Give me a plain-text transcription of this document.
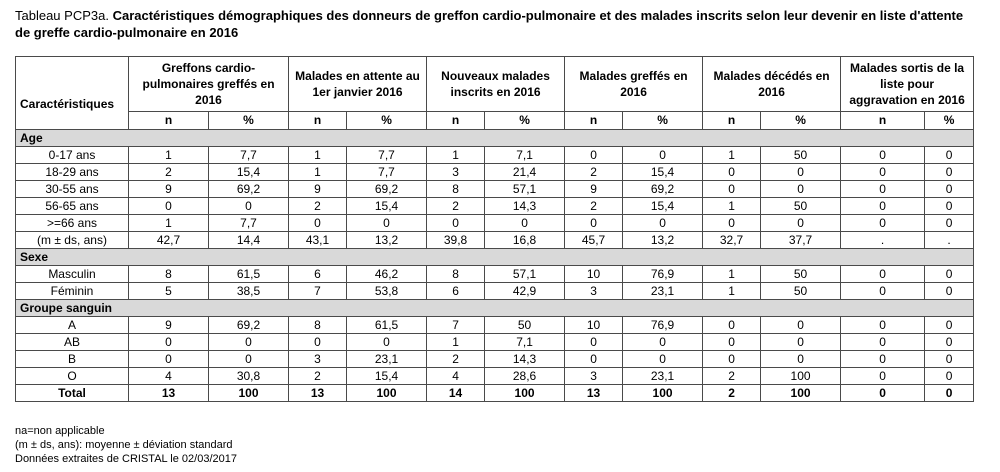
Tableau PCP3a. Caractéristiques démographiques des donneurs de greffon cardio-pulmonaire et des malades inscrits selon leur devenir en liste d'attente de greffe cardio-pulmonaire en 2016
Caractéristiques	Greffons cardio-pulmonaires greffés en 2016		Malades en attente au 1er janvier 2016		Nouveaux malades inscrits en 2016		Malades greffés en 2016		Malades décédés en 2016		Malades sortis de la liste pour aggravation en 2016	
	n	%	n	%	n	%	n	%	n	%	n	%
Age												
0-17 ans	1	7,7	1	7,7	1	7,1	0	0	1	50	0	0
18-29 ans	2	15,4	1	7,7	3	21,4	2	15,4	0	0	0	0
30-55 ans	9	69,2	9	69,2	8	57,1	9	69,2	0	0	0	0
56-65 ans	0	0	2	15,4	2	14,3	2	15,4	1	50	0	0
>=66 ans	1	7,7	0	0	0	0	0	0	0	0	0	0
(m ± ds, ans)	42,7	14,4	43,1	13,2	39,8	16,8	45,7	13,2	32,7	37,7	.	.
Sexe												
Masculin	8	61,5	6	46,2	8	57,1	10	76,9	1	50	0	0
Féminin	5	38,5	7	53,8	6	42,9	3	23,1	1	50	0	0
Groupe sanguin												
A	9	69,2	8	61,5	7	50	10	76,9	0	0	0	0
AB	0	0	0	0	1	7,1	0	0	0	0	0	0
B	0	0	3	23,1	2	14,3	0	0	0	0	0	0
O	4	30,8	2	15,4	4	28,6	3	23,1	2	100	0	0
Total	13	100	13	100	14	100	13	100	2	100	0	0
na=non applicable
(m ± ds, ans): moyenne ± déviation standard
Données extraites de CRISTAL le 02/03/2017
